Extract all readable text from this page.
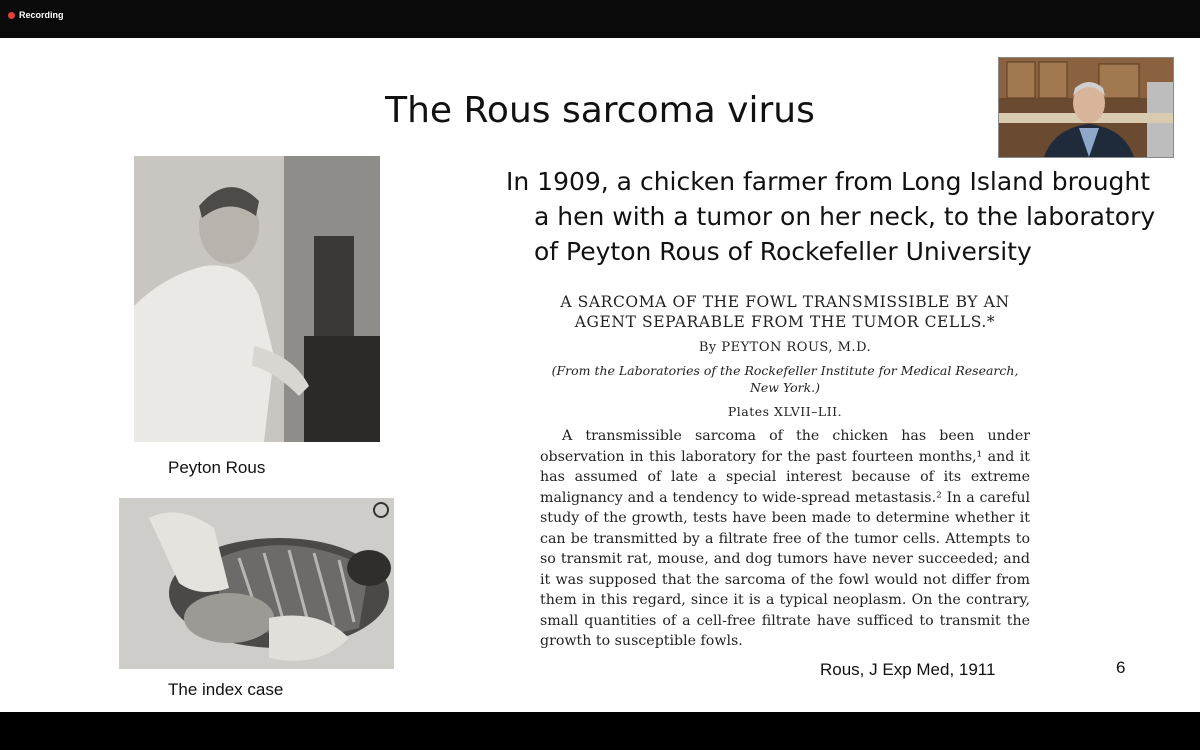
Recording
The Rous sarcoma virus
Peyton Rous
The index case
In 1909, a chicken farmer from Long Island brought
a hen with a tumor on her neck, to the laboratory
of Peyton Rous of Rockefeller University
A SARCOMA OF THE FOWL TRANSMISSIBLE BY AN
AGENT SEPARABLE FROM THE TUMOR CELLS.*
By PEYTON ROUS, M.D.
(From the Laboratories of the Rockefeller Institute for Medical Research, New York.)
Plates XLVII–LII.
A transmissible sarcoma of the chicken has been under observation in this laboratory for the past fourteen months,¹ and it has assumed of late a special interest because of its extreme malignancy and a tendency to wide-spread metastasis.² In a careful study of the growth, tests have been made to determine whether it can be transmitted by a filtrate free of the tumor cells. Attempts to so transmit rat, mouse, and dog tumors have never succeeded; and it was supposed that the sarcoma of the fowl would not differ from them in this regard, since it is a typical neoplasm. On the contrary, small quantities of a cell-free filtrate have sufficed to transmit the growth to susceptible fowls.
Rous, J Exp Med, 1911	6
